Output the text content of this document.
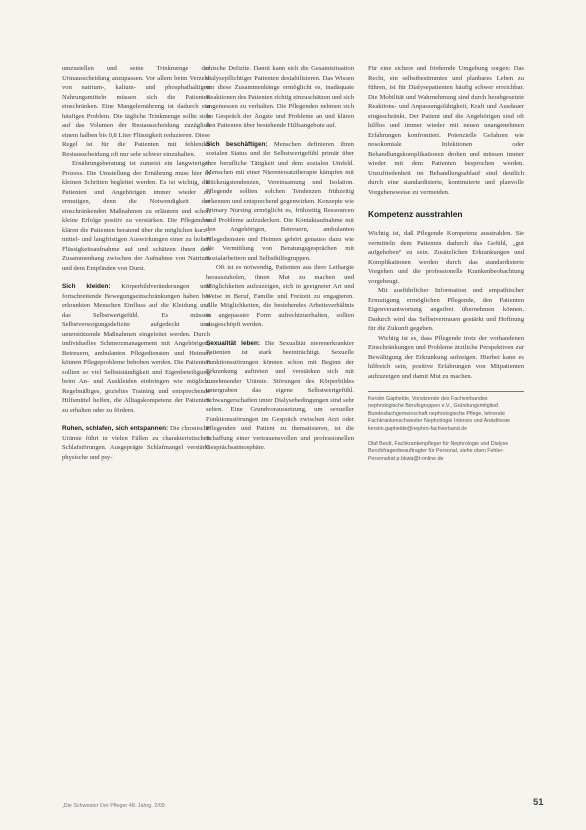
umzustellen und seine Trinkmenge der Urinausscheidung anzupassen. Vor allem beim Verzehr von natrium-, kalium- und phosphathaltigen Nahrungsmitteln müssen sich die Patienten einschränken. Eine Mangelernährung ist dadurch ein häufiges Problem. Die tägliche Trinkmenge sollte sich auf das Volumen der Restausscheidung zuzüglich einem halben bis 0,8 Liter Flüssigkeit reduzieren. Diese Regel ist für die Patienten mit fehlender Restausscheidung oft nur sehr schwer einzuhalten.

Ernährungsberatung ist zumeist ein langwieriger Prozess. Die Umstellung der Ernährung muss hier in kleinen Schritten begleitet werden. Es ist wichtig, die Patienten und Angehörigen immer wieder zu ermutigen, denn die Notwendigkeit der einschränkenden Maßnahmen zu erläutern und schon kleine Erfolge positiv zu verstärken. Die Pflegenden klären die Patienten beratend über die möglichen kurz-, mittel- und langfristigen Auswirkungen einer zu hohen Flüssigkeitsaufnahme auf und schätzen ihnen den Zusammenhang zwischen der Aufnahme von Natrium und dem Empfinden von Durst.

Sich kleiden: Körperbildveränderungen und fortschreitende Bewegungseinschränkungen haben bei erkrankten Menschen Einfluss auf die Kleidung und das Selbstwertgefühl. Es müssen Selbstversorgungsdefizite aufgedeckt und unterstützende Maßnahmen eingeleitet werden. Durch individuelles Schmerzmanagement mit Angehörigen, Betreuern, ambulanten Pflegediensten und Heimen können Pflegeprobleme behoben werden. Die Patienten sollten so viel Selbstständigkeit und Eigenbeteiligung beim An- und Auskleiden einbringen wie möglich. Regelmäßiges, gezieltes Training und entsprechende Hilfsmittel helfen, die Alltagskompetenz der Patienten zu erhalten oder zu fördern.

Ruhen, schlafen, sich entspannen: Die chronische Urämie führt in vielen Fällen zu charakteristischen Schlafstörungen. Ausgeprägte Schlafmangel verstärkt physische und psy-

chische Defizite. Damit kann sich die Gesamtsituation dialysepflichtiger Patienten destabilisieren. Das Wissen um diese Zusammenhänge ermöglicht es, inadäquate Reaktionen des Patienten richtig einzuschätzen und sich angemessen zu verhalten. Die Pflegenden nehmen sich im Gespräch der Ängste und Probleme an und klären den Patienten über bestehende Hilfsangebote auf.

Sich beschäftigen: Menschen definieren ihren sozialen Status und ihr Selbstwertgefühl primär über ihre berufliche Tätigkeit und dem sozialen Umfeld. Menschen mit einer Nierenersatztherapie kämpfen mit Rückzugstendenzen, Vereinsamung und Isolation. Pflegende sollten solchen Tendenzen frühzeitig erkennen und entsprechend gegenwirken. Konzepte wie Primary Nursing ermöglicht es, frühzeitig Ressourcen und Probleme aufzudecken. Die Kontaktaufnahme mit den Angehörigen, Betreuern, ambulanten Pflegediensten und Heimen gehört genauso dazu wie die Vermittlung von Beratungsgesprächen mit Sozialarbeitern und Selbsthilfegruppen.

Oft ist es notwendig, Patienten aus ihrer Lethargie herauszuholen, ihnen Mut zu machen und Möglichkeiten aufzuzeigen, sich in geeigneter Art und Weise in Beruf, Familie und Freizeit zu engagieren. Alle Möglichkeiten, die bestehendes Arbeitsverhältnis in angepasster Form aufrechtzuerhalten, sollten ausgeschöpft werden.

Sexualität leben: Die Sexualität nierenerkrankter Patienten ist stark beeinträchtigt. Sexuelle Funktionsstörungen können schon mit Beginn der Erkrankung auftreten und verstärken sich mit zunehmender Urämie. Störungen des Körperbildes untergraben das eigene Selbstwertgefühl. Schwangerschaften unter Dialysebedingungen sind sehr selten. Eine Grundvoraussetzung, um sexueller Funktionsstörungen im Gespräch zwischen Arzt oder Pflegenden und Patient zu thematisieren, ist die Schaffung einer vertrauensvollen und professionellen Gesprächsatmosphäre.

Für eine sichere und fördernde Umgebung sorgen: Das Recht, ein selbstbestimmtes und planbares Leben zu führen, ist für Dialysepatienten häufig schwer erreichbar. Die Mobilität und Wahrnehmung sind durch herabgesetzte Reaktions- und Anpassungsfähigkeit, Kraft und Ausdauer eingeschränkt. Der Patient und die Angehörigen sind oft hilflos und immer wieder mit neuen unangenehmen Erfahrungen konfrontiert. Potenzielle Gefahren wie nosokomiale Infektionen oder Behandlungskomplikationen drohen und müssen immer wieder mit dem Patienten besprochen werden. Unzufriedenheit im Behandlungsablauf sind deutlich durch eine standardisierte, kontinuierte und planvolle Vorgehensweise zu vermeiden.

Kompetenz ausstrahlen

Wichtig ist, daß Pflegende Kompetenz ausstrahlen. Sie vermitteln dem Patienten dadurch das Gefühl, „gut aufgehoben“ zu sein. Zusätzlichen Erkrankungen und Komplikationen werden durch das standardisierte Vorgehen und die professionelle Krankenbeobachtung vorgebeugt.

Mit ausführlicher Information und empathischer Ermutigung ermöglichen Pflegende, den Patienten Eigenverantwortung angstfrei übernehmen können. Dadurch wird das Selbstvertrauen gestärkt und Hoffnung für die Zukunft gegeben.

Wichtig ist es, dass Pflegende trotz der vorhandenen Einschränkungen und Probleme ärztliche Perspektiven zur Bewältigung der Erkrankung aufzeigen. Hierbei kann es hilfreich sein, positive Erfahrungen von Mitpatienten aufzuzeigen und damit Mut zu machen.

Kerstin Gaphelde, Vorsitzende des Fachverbandes nephrologische Berufsgruppen e.V., Gründungsmitglied Bundesfachgemeinschaft nephrologische Pflege, lehrende Fachkrankenschwester Nephrologie Intensiv und Anästhesie kerstin.gaphelde@nephro-fachverband.de
Olaf Beutt, Fachkrankenpfleger für Nephrologie und Dialyse Berufsfragenbeauftragter für Personal, siehe oben Fehler-Personalrat p.bkwa@t-online.de
„Die Schwester Der Pfleger 48. Jahrg. 2/09	51
